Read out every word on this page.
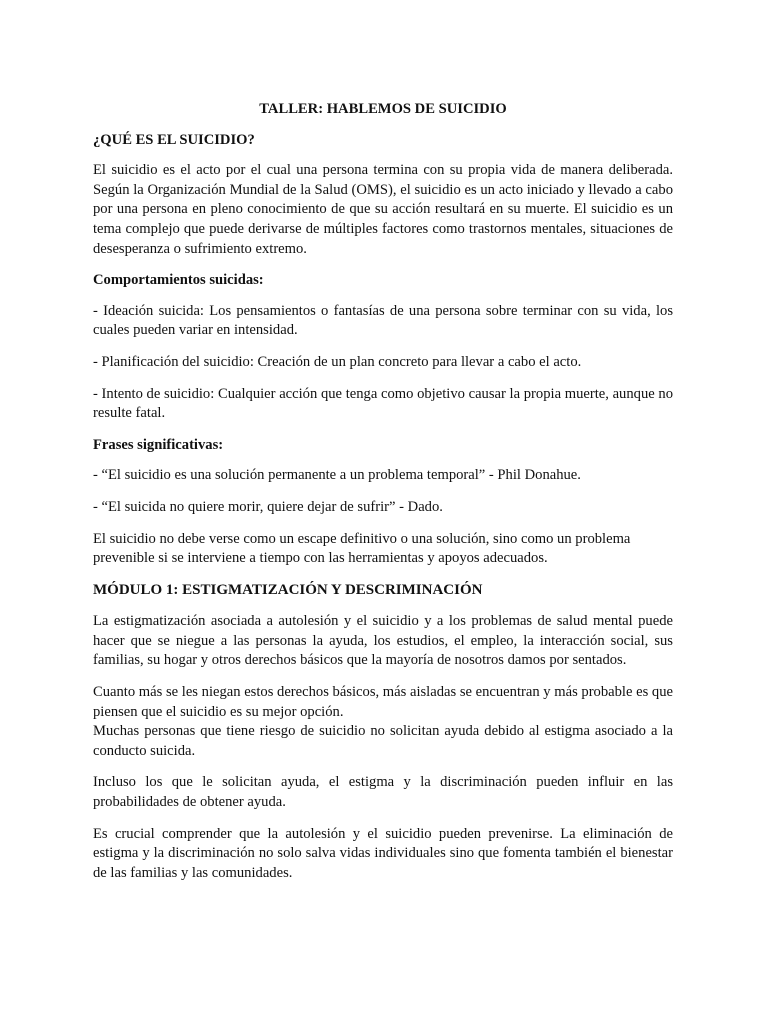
TALLER: HABLEMOS DE SUICIDIO
¿QUÉ ES EL SUICIDIO?

El suicidio es el acto por el cual una persona termina con su propia vida de manera deliberada. Según la Organización Mundial de la Salud (OMS), el suicidio es un acto iniciado y llevado a cabo por una persona en pleno conocimiento de que su acción resultará en su muerte. El suicidio es un tema complejo que puede derivarse de múltiples factores como trastornos mentales, situaciones de desesperanza o sufrimiento extremo.

Comportamientos suicidas:

- Ideación suicida: Los pensamientos o fantasías de una persona sobre terminar con su vida, los cuales pueden variar en intensidad.

- Planificación del suicidio: Creación de un plan concreto para llevar a cabo el acto.

- Intento de suicidio: Cualquier acción que tenga como objetivo causar la propia muerte, aunque no resulte fatal.

Frases significativas:

- “El suicidio es una solución permanente a un problema temporal” - Phil Donahue.

- “El suicida no quiere morir, quiere dejar de sufrir” - Dado.

El suicidio no debe verse como un escape definitivo o una solución, sino como un problema prevenible si se interviene a tiempo con las herramientas y apoyos adecuados.

MÓDULO 1: ESTIGMATIZACIÓN Y DESCRIMINACIÓN

La estigmatización asociada a autolesión y el suicidio y a los problemas de salud mental puede hacer que se niegue a las personas la ayuda, los estudios, el empleo, la interacción social, sus familias, su hogar y otros derechos básicos que la mayoría de nosotros damos por sentados.

Cuanto más se les niegan estos derechos básicos, más aisladas se encuentran y más probable es que piensen que el suicidio es su mejor opción.
Muchas personas que tiene riesgo de suicidio no solicitan ayuda debido al estigma asociado a la conducto suicida.

Incluso los que le solicitan ayuda, el estigma y la discriminación pueden influir en las probabilidades de obtener ayuda.

Es crucial comprender que la autolesión y el suicidio pueden prevenirse. La eliminación de estigma y la discriminación no solo salva vidas individuales sino que fomenta también el bienestar de las familias y las comunidades.
